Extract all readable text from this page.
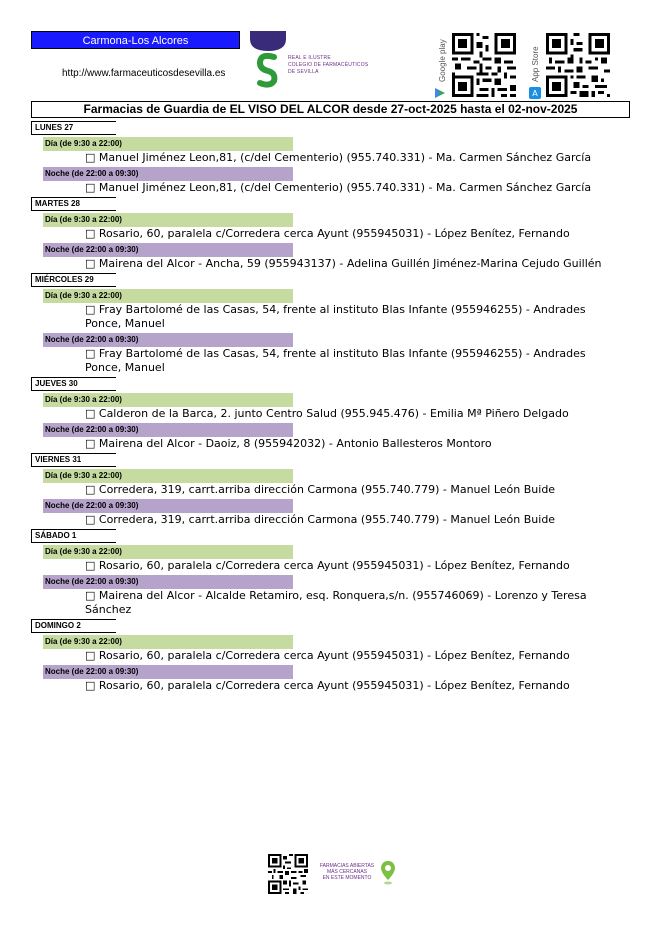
Carmona-Los Alcores
http://www.farmaceuticosdesevilla.es
REAL E ILUSTRE
COLEGIO DE FARMACÉUTICOS
DE SEVILLA	Google play	App Store
A
Farmacias de Guardia de EL VISO DEL ALCOR desde 27-oct-2025 hasta el 02-nov-2025
LUNES 27
Día (de 9:30 a 22:00)
□ Manuel Jiménez Leon,81, (c/del Cementerio) (955.740.331) - Ma. Carmen Sánchez García
Noche (de 22:00 a 09:30)
□ Manuel Jiménez Leon,81, (c/del Cementerio) (955.740.331) - Ma. Carmen Sánchez García
MARTES 28
Día (de 9:30 a 22:00)
□ Rosario, 60, paralela c/Corredera cerca Ayunt (955945031) - López Benítez, Fernando
Noche (de 22:00 a 09:30)
□ Mairena del Alcor - Ancha, 59 (955943137) - Adelina Guillén Jiménez-Marina Cejudo Guillén
MIÉRCOLES 29
Día (de 9:30 a 22:00)
□ Fray Bartolomé de las Casas, 54, frente al instituto Blas Infante (955946255) - Andrades Ponce, Manuel
Noche (de 22:00 a 09:30)
□ Fray Bartolomé de las Casas, 54, frente al instituto Blas Infante (955946255) - Andrades Ponce, Manuel
JUEVES 30
Día (de 9:30 a 22:00)
□ Calderon de la Barca, 2. junto Centro Salud (955.945.476) - Emilia Mª Piñero Delgado
Noche (de 22:00 a 09:30)
□ Mairena del Alcor - Daoiz, 8 (955942032) - Antonio Ballesteros Montoro
VIERNES 31
Día (de 9:30 a 22:00)
□ Corredera, 319, carrt.arriba dirección Carmona (955.740.779) - Manuel León Buide
Noche (de 22:00 a 09:30)
□ Corredera, 319, carrt.arriba dirección Carmona (955.740.779) - Manuel León Buide
SÁBADO 1
Día (de 9:30 a 22:00)
□ Rosario, 60, paralela c/Corredera cerca Ayunt (955945031) - López Benítez, Fernando
Noche (de 22:00 a 09:30)
□ Mairena del Alcor - Alcalde Retamiro, esq. Ronquera,s/n. (955746069) - Lorenzo y Teresa Sánchez
DOMINGO 2
Día (de 9:30 a 22:00)
□ Rosario, 60, paralela c/Corredera cerca Ayunt (955945031) - López Benítez, Fernando
Noche (de 22:00 a 09:30)
□ Rosario, 60, paralela c/Corredera cerca Ayunt (955945031) - López Benítez, Fernando
FARMACIAS ABIERTAS
MÁS CERCANAS
EN ESTE MOMENTO
